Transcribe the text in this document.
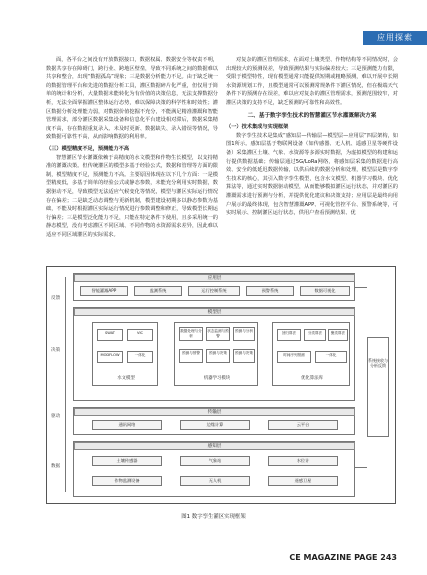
应用探索

面，各平台之间没有开放数据接口，数据权属、数据安全等权责不明，数据共享存在障碍门，跨行业、跨地区壁垒，导致不同系统之间的数据难以共享和整合，出现“数据孤岛”现象；三是数据分析能力不足。由于缺乏统一的数据管理平台和先进的数据分析工具，灌区数据碎片化严重，但仅用于简单的统计和分析，大量数据未能转化为有价值的决策信息，无法支撑数据分析，无法全面掌握灌区整体运行态势，难以保障决策的科学性和时效性；灌区数据分析处理能力弱，对数据价值挖掘不充分，不能满足精准灌溉和智能管理需求，部分灌区数据采集设备和信息化平台建设相对滞后，数据采集精度不高，存在数据重复录入、未及时更新、数据缺失、录入错误等情况，导致数据可靠性不高，从而影响数据的利用率。

（三）模型精度不足，预测能力不高

智慧灌区节水灌溉依赖于高精度的水文模型和作物生长模型，以支持精准的灌溉决策。但传统灌区的模型多基于经验公式，数据和管理等方面的限制，模型精度不足，预测能力不高。主要原因体现在以下几个方面：一是模型精度低，多基于简单的经验公式或静态参数，未能充分利用实时数据，数据驱动不足，导致模型无法适应气候变化等情况，模型与灌区实际运行情况存在偏差；二是缺乏动态调整与更新机制，模型建设初期多以静态参数为基础，不能及时根据灌区实际运行情况进行参数调整和修正，导致模型长期运行偏差；三是模型泛化能力不足，只能在特定条件下使用，且多采用统一的静态模型，没有考虑灌区不同区域、不同作物的水资源需求差异，因此难以适应不同区域灌区的实际需求。

对复杂的灌区管理需求，在面对土壤类型、作物结构等不同情况时，会出现较大的预测误差，导致预测结果与实际偏差较大；三是预测能力有限，受限于模型特性，现有模型通常只能提供短期或粗略预测，难以开展中长期水资源规划工作，且模型通常可以预测常规条件下灌区情况，但在极端天气条件下的预测存在误差，难以应对复杂的灌区管理需求，预测范围较窄，对灌区决策的支持不足，缺乏预测的可靠性和高效性。

二、基于数字孪生技术的智慧灌区节水灌溉解决方案

（一）技术集成与实现框架

数字孪生技术是集成“感知层—传输层—模型层—应用层”四层架构，如图1所示。感知层基于物联网设备（如传感器、无人机、遥感卫星等硬件设备）采集灌区土壤、气象、水资源等多源实时数据，为虚拟模型的构建和运行提供数据基础；传输层通过5G/LoRa网络，将感知层采集的数据进行高效、安全的低延迟数据传输，以供后续的数据分析和处理，模型层是数字孪生技术的核心，其引入数字孪生模型，包含水文模型、机器学习模块、优化算法等，通过实时数据驱动模型，从而能够模拟灌区运行状态，并对灌区的灌溉需求进行预测与分析，并提供优化建议和决策支持；应用层是最终向用户展示的最终体现，包含智慧灌溉APP、可视化管控平台、预警系统等，可实时展示、控制灌区运行状态，供用户查看预测结果、优

反馈
决策
驱动
数据
应用层
智能灌溉APP	监测系统	运行控制系统	预警系统	数据可视化
模型层
SWAT	VIC
MODFLOW	一体化
水文模型
数据处理与分析
状态监测与预警
预测与分析
预测与预警	预测与决策	预测与决策
机器学习模块
回归算法	分类算法	聚类算法
时间序列预测	一体化
优化算法库
传输层
通讯网络	边缘计算	云平台
感知层
土壤传感器	气象站	水位计
作物监测设备	无人机	遥感卫星
系统接收与分析反馈
图1 数字孪生灌区实现框架
CE MAGAZINE PAGE 243
